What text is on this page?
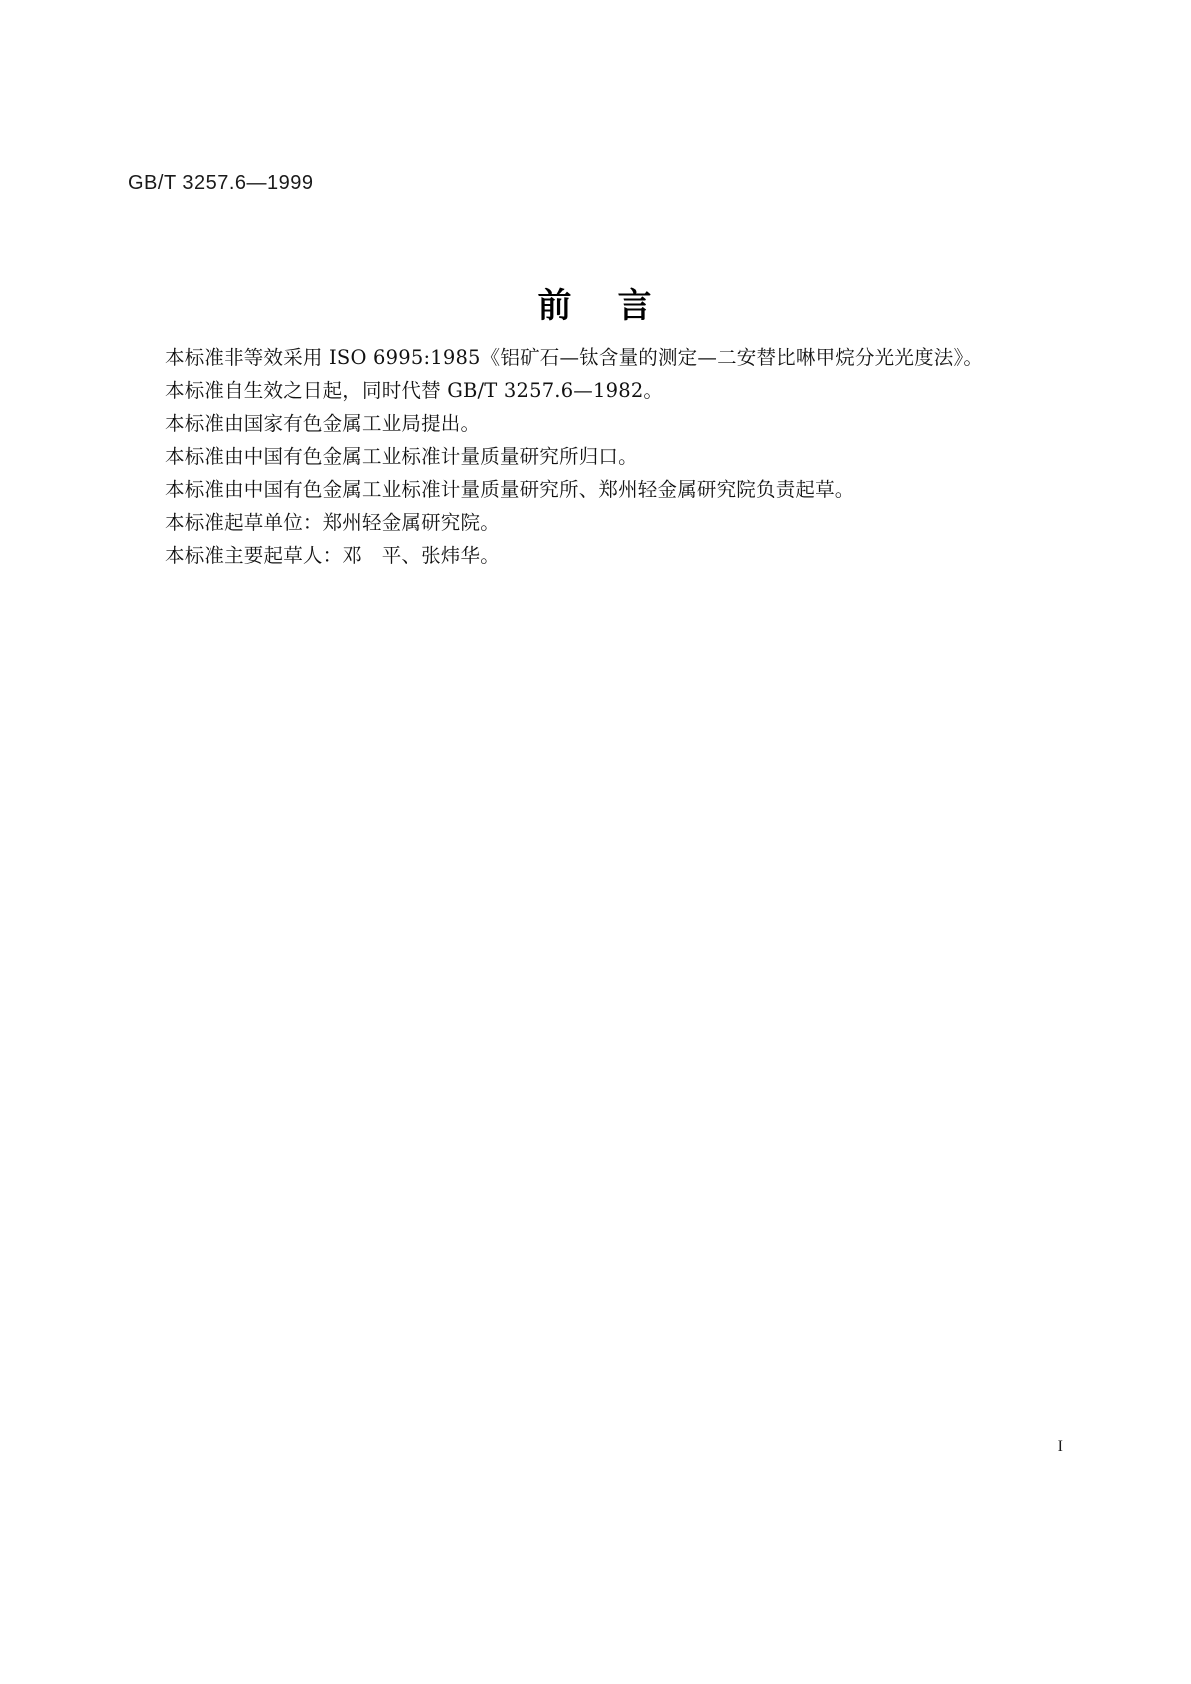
GB/T 3257.6—1999
前 言

本标准非等效采用 ISO 6995:1985《铝矿石—钛含量的测定—二安替比啉甲烷分光光度法》。

本标准自生效之日起，同时代替 GB/T 3257.6—1982。

本标准由国家有色金属工业局提出。

本标准由中国有色金属工业标准计量质量研究所归口。

本标准由中国有色金属工业标准计量质量研究所、郑州轻金属研究院负责起草。

本标准起草单位：郑州轻金属研究院。

本标准主要起草人：邓　平、张炜华。

I
